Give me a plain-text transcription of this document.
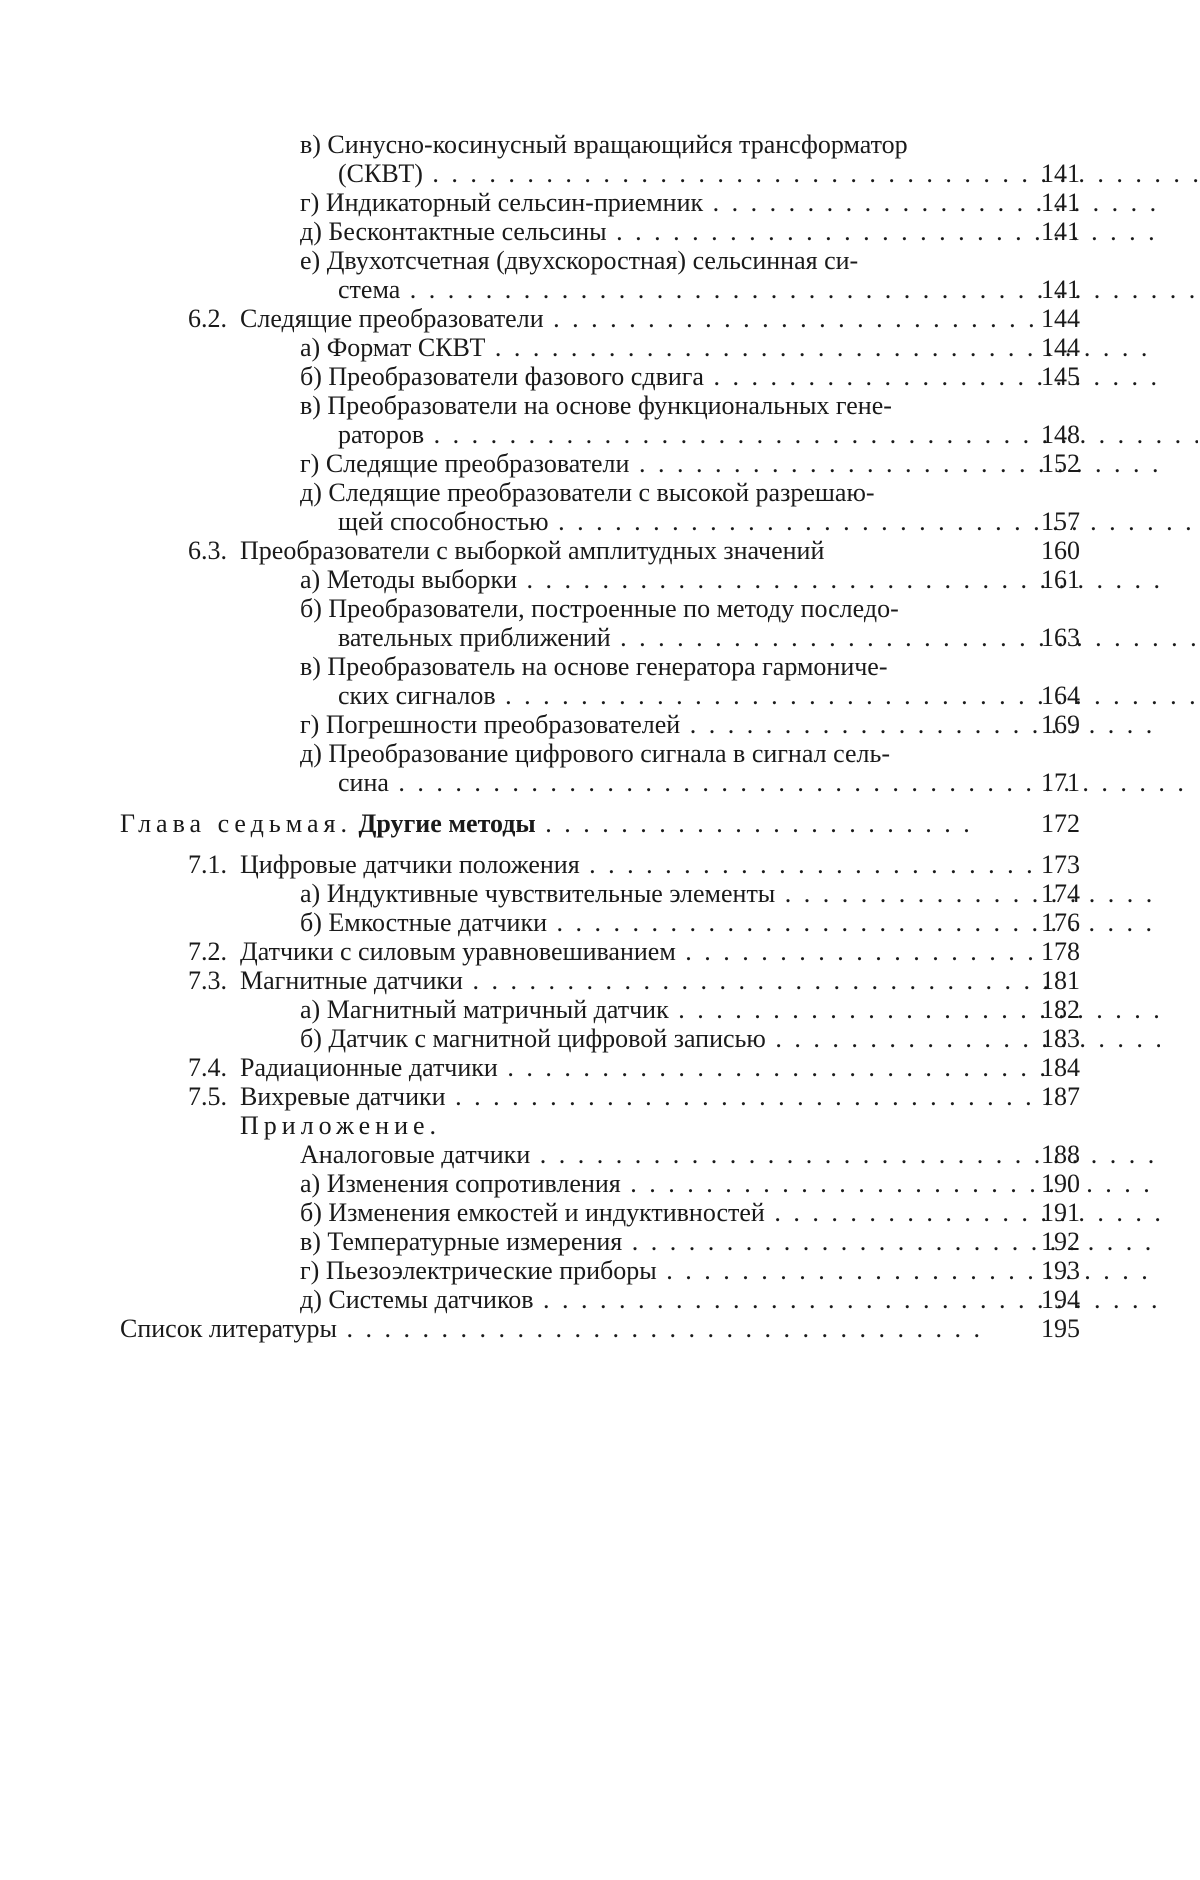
в) Синусно-косинусный вращающийся трансформатор
(СКВТ) . . .	141
г) Индикаторный сельсин-приемник . . .	141
д) Бесконтактные сельсины . . .	141
е) Двухотсчетная (двухскоростная) сельсинная си-
стема . . .	141
6.2. Следящие преобразователи . . .	144
а) Формат СКВТ . . .	144
б) Преобразователи фазового сдвига . . .	145
в) Преобразователи на основе функциональных гене-
раторов . . .	148
г) Следящие преобразователи . . .	152
д) Следящие преобразователи с высокой разрешаю-
щей способностью . . .	157
6.3. Преобразователи с выборкой амплитудных значений	160
а) Методы выборки . . .	161
б) Преобразователи, построенные по методу последо-
вательных приближений . . .	163
в) Преобразователь на основе генератора гармониче-
ских сигналов . . .	164
г) Погрешности преобразователей . . .	169
д) Преобразование цифрового сигнала в сигнал сель-
сина . . .	171
Глава седьмая. Другие методы . . .	172
7.1. Цифровые датчики положения . . .	173
а) Индуктивные чувствительные элементы . . .	174
б) Емкостные датчики . . .	176
7.2. Датчики с силовым уравновешиванием . . .	178
7.3. Магнитные датчики . . .	181
а) Магнитный матричный датчик . . .	182
б) Датчик с магнитной цифровой записью . . .	183
7.4. Радиационные датчики . . .	184
7.5. Вихревые датчики . . .	187
Приложение.
Аналоговые датчики . . .	188
а) Изменения сопротивления . . .	190
б) Изменения емкостей и индуктивностей . . .	191
в) Температурные измерения . . .	192
г) Пьезоэлектрические приборы . . .	193
д) Системы датчиков . . .	194
Список литературы . . .	195
